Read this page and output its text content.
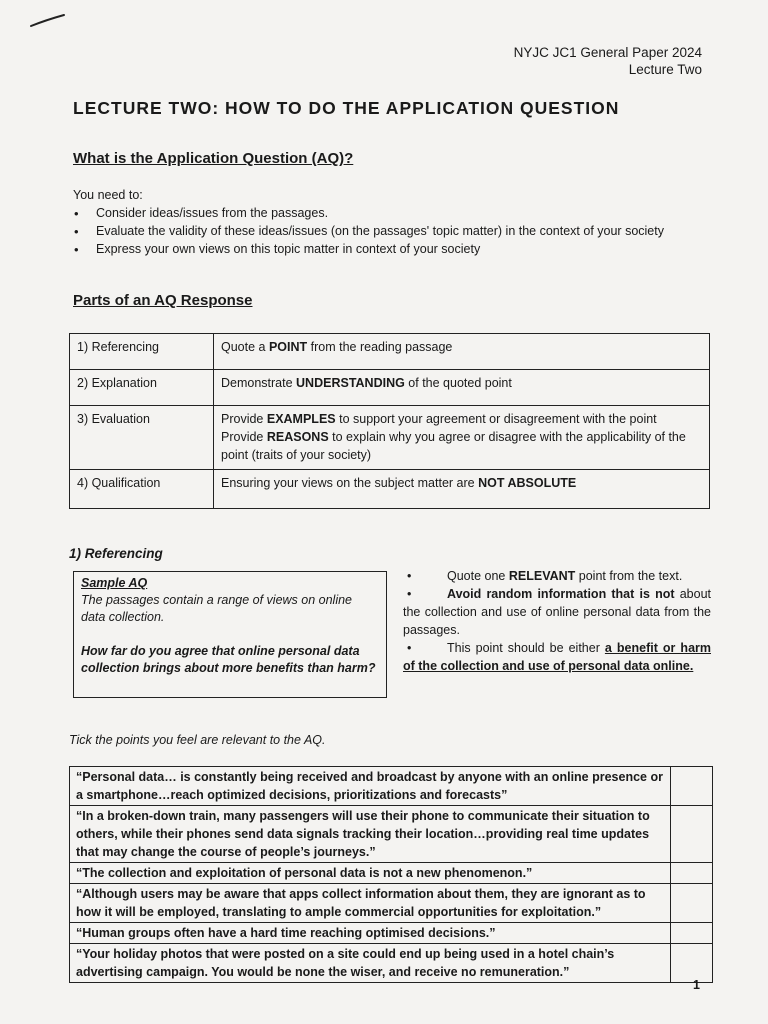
NYJC JC1 General Paper 2024
Lecture Two
LECTURE TWO: HOW TO DO THE APPLICATION QUESTION
What is the Application Question (AQ)?
You need to:
• Consider ideas/issues from the passages.
• Evaluate the validity of these ideas/issues (on the passages' topic matter) in the context of your society
• Express your own views on this topic matter in context of your society
Parts of an AQ Response
1) Referencing	Quote a POINT from the reading passage
2) Explanation	Demonstrate UNDERSTANDING of the quoted point
3) Evaluation	Provide EXAMPLES to support your agreement or disagreement with the point
Provide REASONS to explain why you agree or disagree with the applicability of the point (traits of your society)

4) Qualification	Ensuring your views on the subject matter are NOT ABSOLUTE
1) Referencing

Sample AQ

The passages contain a range of views on online data collection.

How far do you agree that online personal data collection brings about more benefits than harm?

•	Quote one RELEVANT point from the text.
•	Avoid random information that is not about the collection and use of online personal data from the passages.
•	This point should be either a benefit or harm of the collection and use of personal data online.
Tick the points you feel are relevant to the AQ.
“Personal data… is constantly being received and broadcast by anyone with an online presence or a smartphone…reach optimized decisions, prioritizations and forecasts”	
“In a broken-down train, many passengers will use their phone to communicate their situation to others, while their phones send data signals tracking their location…providing real time updates that may change the course of people’s journeys.”	
“The collection and exploitation of personal data is not a new phenomenon.”	
“Although users may be aware that apps collect information about them, they are ignorant as to how it will be employed, translating to ample commercial opportunities for exploitation.”	
“Human groups often have a hard time reaching optimised decisions.”	
“Your holiday photos that were posted on a site could end up being used in a hotel chain’s advertising campaign. You would be none the wiser, and receive no remuneration.”	
1
